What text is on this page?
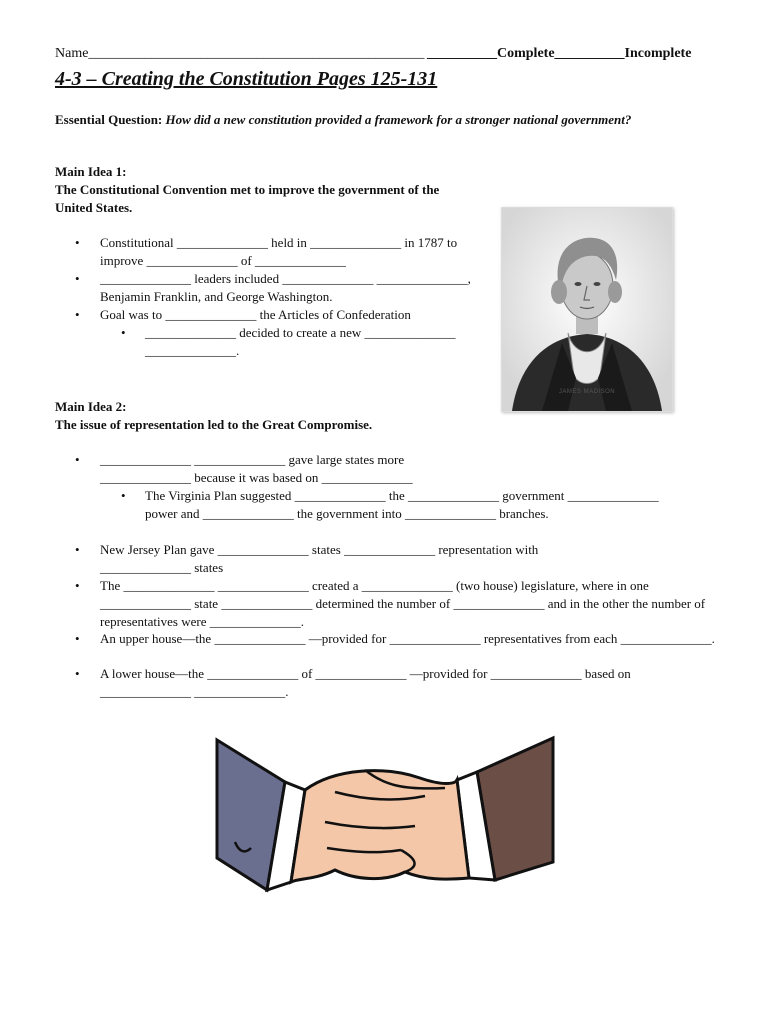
Name________________________________________________ __________Complete__________Incomplete
4-3 – Creating the Constitution Pages 125-131
Essential Question: How did a new constitution provided a framework for a stronger national government?
Main Idea 1:
The Constitutional Convention met to improve the government of the United States.
• Constitutional ______________ held in ______________ in 1787 to improve ______________ of ______________
• ______________ leaders included ______________ ______________, Benjamin Franklin, and George Washington.
• Goal was to ______________ the Articles of Confederation
• ______________ decided to create a new ______________ ______________.
JAMES MADISON
Main Idea 2:
The issue of representation led to the Great Compromise.
• ______________ ______________ gave large states more ______________ because it was based on ______________
• The Virginia Plan suggested ______________ the ______________ government ______________ power and ______________ the government into ______________ branches.
• New Jersey Plan gave ______________ states ______________ representation with ______________ states
• The ______________ ______________ created a ______________ (two house) legislature, where in one ______________ state ______________ determined the number of ______________ and in the other the number of representatives were ______________.
• An upper house—the ______________ —provided for ______________ representatives from each ______________.
• A lower house—the ______________ of ______________ —provided for ______________ based on ______________ ______________.
